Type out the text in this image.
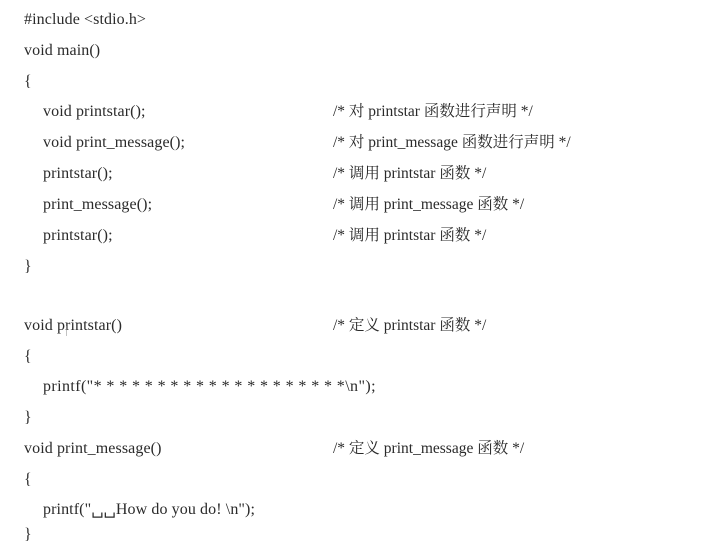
#include <stdio.h>
void main()
{
void printstar();	/* 对 printstar 函数进行声明 */
void print_message();	/* 对 print_message 函数进行声明 */
printstar();	/* 调用 printstar 函数 */
print_message();	/* 调用 print_message 函数 */
printstar();	/* 调用 printstar 函数 */
}
void printstar()	/* 定义 printstar 函数 */
{
printf("* * * * * * * * * * * * * * * * * * * *\n");
}
void print_message()	/* 定义 print_message 函数 */
{
printf("␣␣How do you do! \n");
}
